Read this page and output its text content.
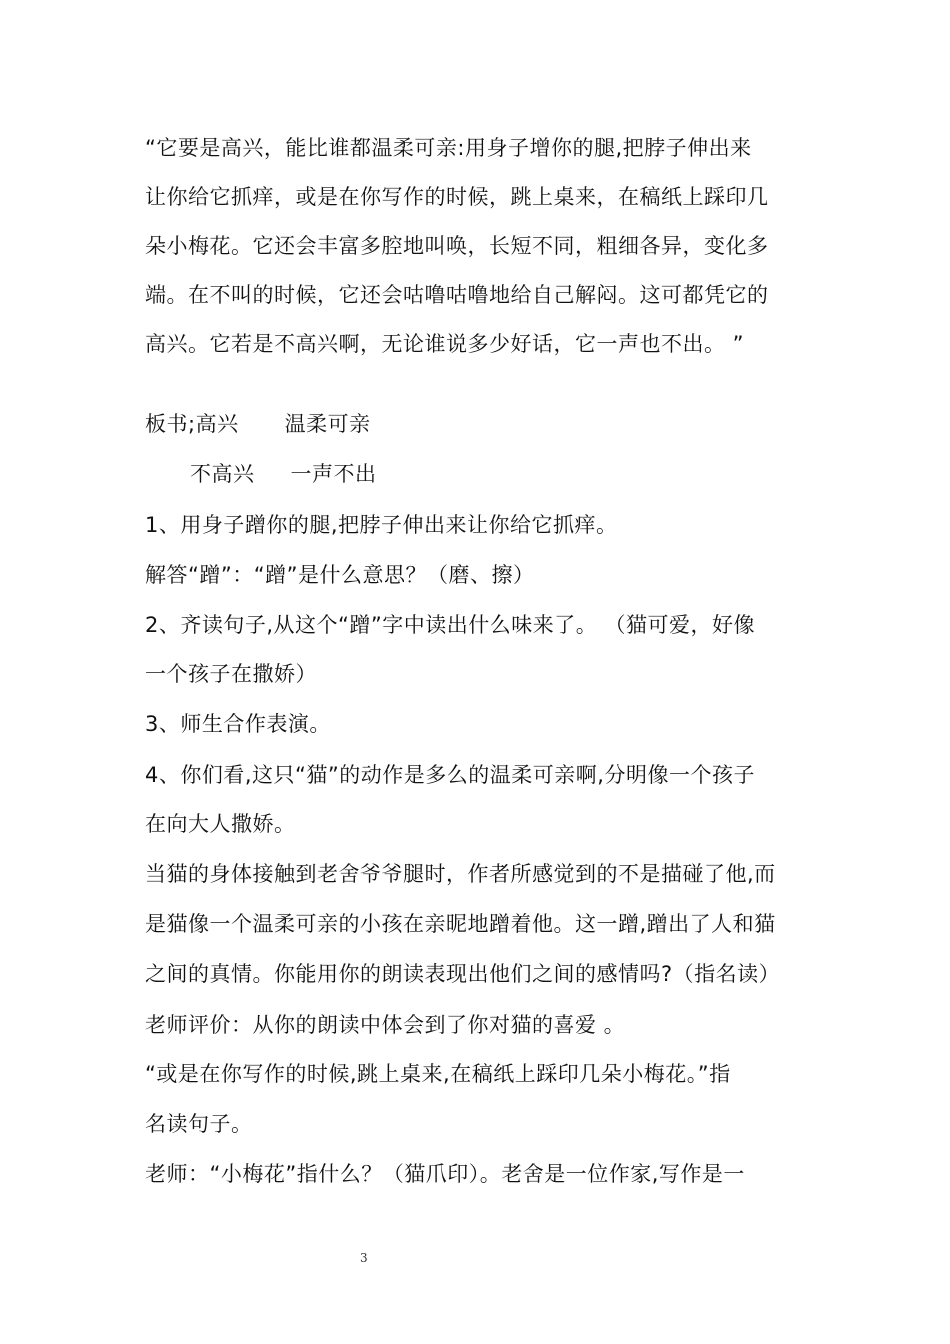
“它要是高兴，能比谁都温柔可亲:用身子增你的腿,把脖子伸出来
让你给它抓痒，或是在你写作的时候，跳上桌来，在稿纸上踩印几
朵小梅花。它还会丰富多腔地叫唤，长短不同，粗细各异，变化多
端。在不叫的时候，它还会咕噜咕噜地给自己解闷。这可都凭它的
高兴。它若是不高兴啊，无论谁说多少好话，它一声也不出。 ”
板书;高兴 温柔可亲
不高兴 一声不出
1、用身子蹭你的腿,把脖子伸出来让你给它抓痒。
解答“蹭”：“蹭”是什么意思？（磨、擦）
2、齐读句子,从这个“蹭”字中读出什么味来了。 （猫可爱，好像
一个孩子在撒娇）
3、师生合作表演。
4、你们看,这只“猫”的动作是多么的温柔可亲啊,分明像一个孩子
在向大人撒娇。
当猫的身体接触到老舍爷爷腿时，作者所感觉到的不是描碰了他,而
是猫像一个温柔可亲的小孩在亲昵地蹭着他。这一蹭,蹭出了人和猫
之间的真情。你能用你的朗读表现出他们之间的感情吗?（指名读）
老师评价：从你的朗读中体会到了你对猫的喜爱 。
“或是在你写作的时候,跳上桌来,在稿纸上踩印几朵小梅花。”指
名读句子。
老师：“小梅花”指什么？（猫爪印）。老舍是一位作家,写作是一
3
